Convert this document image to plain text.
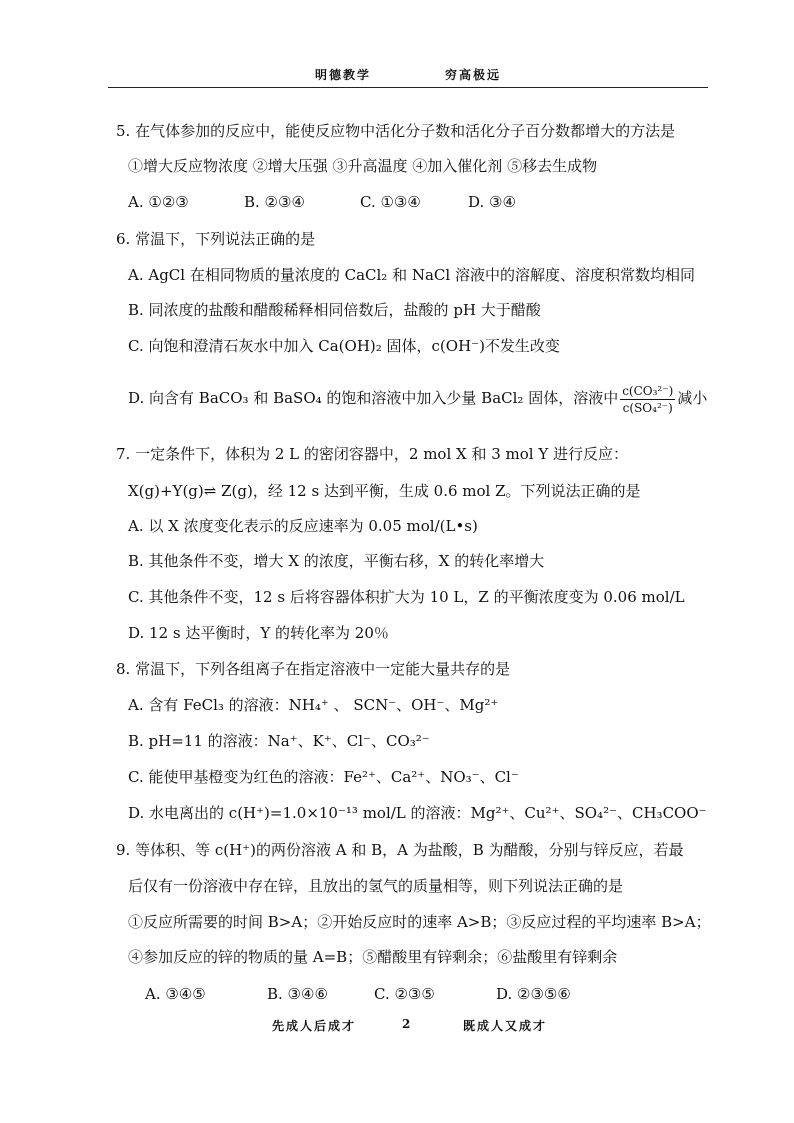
明德教学	穷高极远
5. 在气体参加的反应中，能使反应物中活化分子数和活化分子百分数都增大的方法是
①增大反应物浓度 ②增大压强 ③升高温度 ④加入催化剂 ⑤移去生成物
A. ①②③	B. ②③④	C. ①③④	D. ③④
6. 常温下，下列说法正确的是
A. AgCl 在相同物质的量浓度的 CaCl₂ 和 NaCl 溶液中的溶解度、溶度积常数均相同
B. 同浓度的盐酸和醋酸稀释相同倍数后，盐酸的 pH 大于醋酸
C. 向饱和澄清石灰水中加入 Ca(OH)₂ 固体，c(OH⁻)不发生改变
D. 向含有 BaCO₃ 和 BaSO₄ 的饱和溶液中加入少量 BaCl₂ 固体，溶液中 $\frac{\text{c(CO₃²⁻)}}{\text{c(SO₄²⁻)}}$ 减小
7. 一定条件下，体积为 2 L 的密闭容器中，2 mol X 和 3 mol Y 进行反应：
X(g)+Y(g)⇌ Z(g)，经 12 s 达到平衡，生成 0.6 mol Z。下列说法正确的是
A. 以 X 浓度变化表示的反应速率为 0.05 mol/(L•s)
B. 其他条件不变，增大 X 的浓度，平衡右移，X 的转化率增大
C. 其他条件不变，12 s 后将容器体积扩大为 10 L，Z 的平衡浓度变为 0.06 mol/L
D. 12 s 达平衡时，Y 的转化率为 20％
8. 常温下，下列各组离子在指定溶液中一定能大量共存的是
A. 含有 FeCl₃ 的溶液：NH₄⁺ 、 SCN⁻、OH⁻、Mg²⁺
B. pH=11 的溶液：Na⁺、K⁺、Cl⁻、CO₃²⁻
C. 能使甲基橙变为红色的溶液：Fe²⁺、Ca²⁺、NO₃⁻、Cl⁻
D. 水电离出的 c(H⁺)=1.0×10⁻¹³ mol/L 的溶液：Mg²⁺、Cu²⁺、SO₄²⁻、CH₃COO⁻
9. 等体积、等 c(H⁺)的两份溶液 A 和 B，A 为盐酸，B 为醋酸，分别与锌反应，若最
后仅有一份溶液中存在锌，且放出的氢气的质量相等，则下列说法正确的是
①反应所需要的时间 B>A；②开始反应时的速率 A>B；③反应过程的平均速率 B>A；
④参加反应的锌的物质的量 A=B；⑤醋酸里有锌剩余；⑥盐酸里有锌剩余
A. ③④⑤	B. ③④⑥	C. ②③⑤	D. ②③⑤⑥
先成人后成才	2	既成人又成才
